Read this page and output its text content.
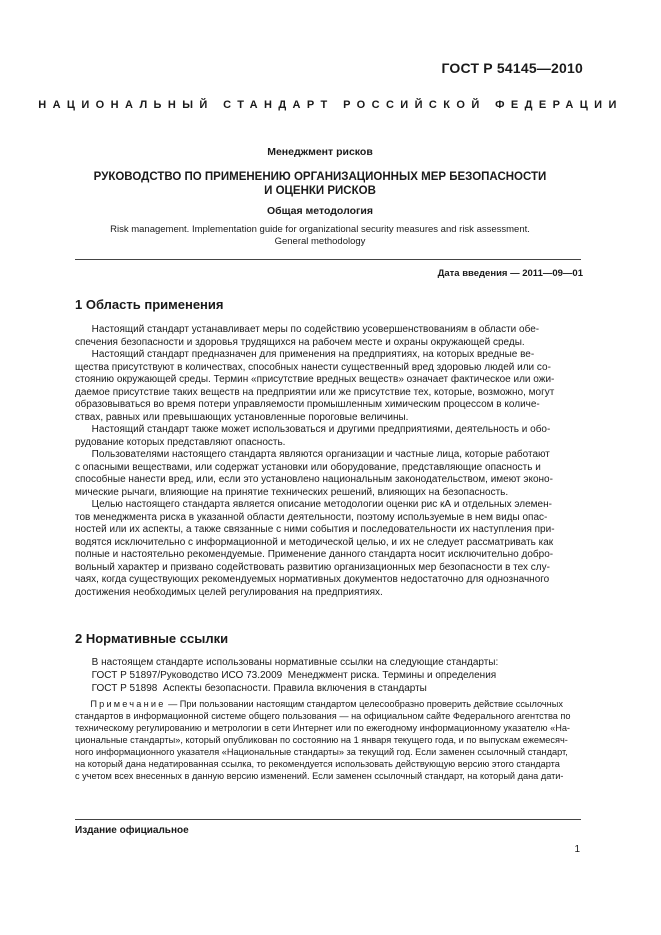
ГОСТ Р 54145—2010
НАЦИОНАЛЬНЫЙ СТАНДАРТ РОССИЙСКОЙ ФЕДЕРАЦИИ
Менеджмент рисков
РУКОВОДСТВО ПО ПРИМЕНЕНИЮ ОРГАНИЗАЦИОННЫХ МЕР БЕЗОПАСНОСТИ
И ОЦЕНКИ РИСКОВ
Общая методология
Risk management. Implementation guide for organizational security measures and risk assessment.
General methodology
Дата введения — 2011—09—01
1 Область применения

Настоящий стандарт устанавливает меры по содействию усовершенствованиям в области обе-

спечения безопасности и здоровья трудящихся на рабочем месте и охраны окружающей среды.

Настоящий стандарт предназначен для применения на предприятиях, на которых вредные ве-

щества присутствуют в количествах, способных нанести существенный вред здоровью людей или со-

стоянию окружающей среды. Термин «присутствие вредных веществ» означает фактическое или ожи-

даемое присутствие таких веществ на предприятии или же присутствие тех, которые, возможно, могут

образовываться во время потери управляемости промышленным химическим процессом в количе-

ствах, равных или превышающих установленные пороговые величины.

Настоящий стандарт также может использоваться и другими предприятиями, деятельность и обо-

рудование которых представляют опасность.

Пользователями настоящего стандарта являются организации и частные лица, которые работают

с опасными веществами, или содержат установки или оборудование, представляющие опасность и

способные нанести вред, или, если это установлено национальным законодательством, имеют эконо-

мические рычаги, влияющие на принятие технических решений, влияющих на безопасность.

Целью настоящего стандарта является описание методологии оценки рис кА и отдельных элемен-

тов менеджмента риска в указанной области деятельности, поэтому используемые в нем виды опас-

ностей или их аспекты, а также связанные с ними события и последовательности их наступления при-

водятся исключительно с информационной и методической целью, и их не следует рассматривать как

полные и настоятельно рекомендуемые. Применение данного стандарта носит исключительно добро-

вольный характер и призвано содействовать развитию организационных мер безопасности в тех слу-

чаях, когда существующих рекомендуемых нормативных документов недостаточно для однозначного

достижения необходимых целей регулирования на предприятиях.

2 Нормативные ссылки

В настоящем стандарте использованы нормативные ссылки на следующие стандарты:

ГОСТ Р 51897/Руководство ИСО 73.2009  Менеджмент риска. Термины и определения

ГОСТ Р 51898  Аспекты безопасности. Правила включения в стандарты

Примечание — При пользовании настоящим стандартом целесообразно проверить действие ссылочных
стандартов в информационной системе общего пользования — на официальном сайте Федерального агентства по
техническому регулированию и метрологии в сети Интернет или по ежегодному информационному указателю «На-
циональные стандарты», который опубликован по состоянию на 1 января текущего года, и по выпускам ежемесяч-
ного информационного указателя «Национальные стандарты» за текущий год. Если заменен ссылочный стандарт,
на который дана недатированная ссылка, то рекомендуется использовать действующую версию этого стандарта
с учетом всех внесенных в данную версию изменений. Если заменен ссылочный стандарт, на который дана дати-
Издание официальное
1
